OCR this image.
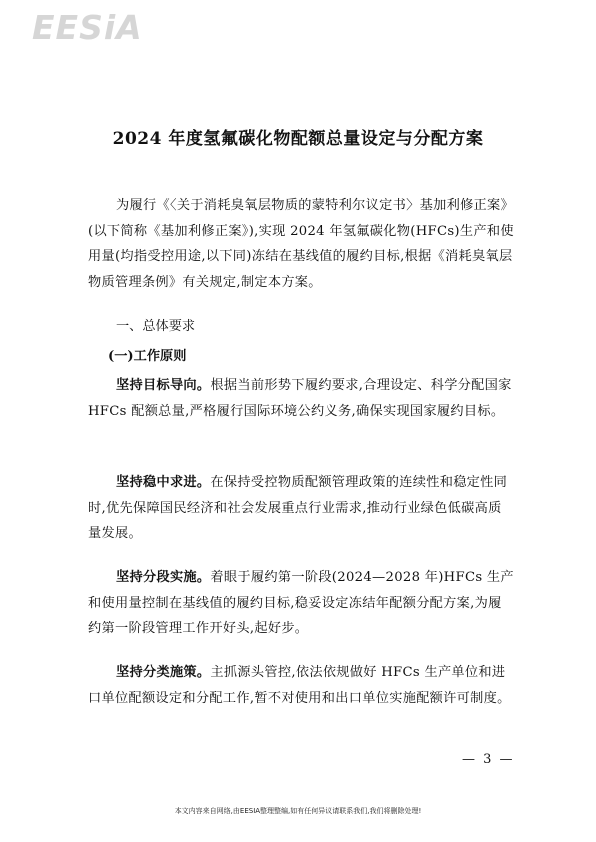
EESiA
2024 年度氢氟碳化物配额总量设定与分配方案

为履行《〈关于消耗臭氧层物质的蒙特利尔议定书〉基加利修正案》(以下简称《基加利修正案》),实现 2024 年氢氟碳化物(HFCs)生产和使用量(均指受控用途,以下同)冻结在基线值的履约目标,根据《消耗臭氧层物质管理条例》有关规定,制定本方案。

一、总体要求
(一)工作原则

坚持目标导向。根据当前形势下履约要求,合理设定、科学分配国家 HFCs 配额总量,严格履行国际环境公约义务,确保实现国家履约目标。

坚持稳中求进。在保持受控物质配额管理政策的连续性和稳定性同时,优先保障国民经济和社会发展重点行业需求,推动行业绿色低碳高质量发展。

坚持分段实施。着眼于履约第一阶段(2024—2028 年)HFCs 生产和使用量控制在基线值的履约目标,稳妥设定冻结年配额分配方案,为履约第一阶段管理工作开好头,起好步。

坚持分类施策。主抓源头管控,依法依规做好 HFCs 生产单位和进口单位配额设定和分配工作,暂不对使用和出口单位实施配额许可制度。

— 3 —
本文内容来自网络,由EESIA整理整编,如有任何异议请联系我们,我们将删除处理!
